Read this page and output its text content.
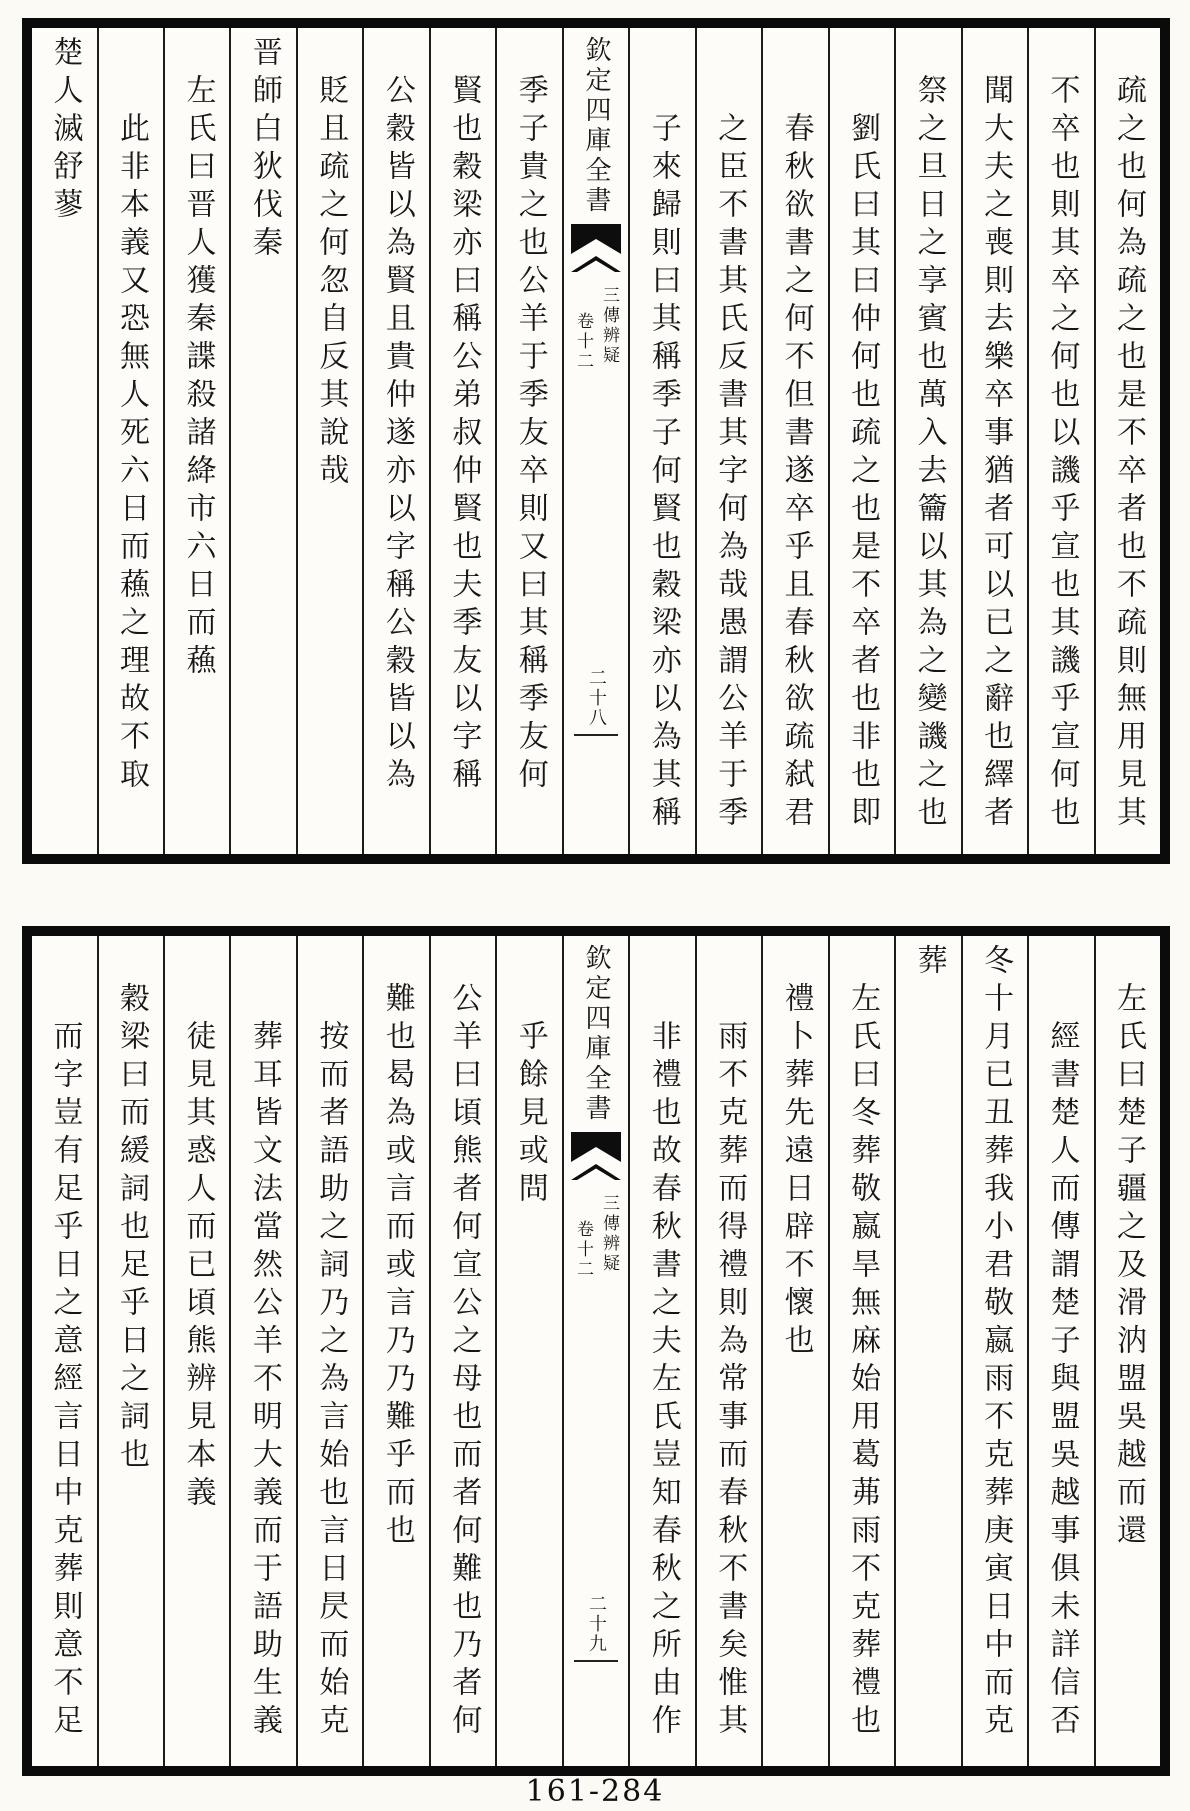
疏之也何為疏之也是不卒者也不疏則無用見其
不卒也則其卒之何也以譏乎宣也其譏乎宣何也
聞大夫之喪則去樂卒事猶者可以已之辭也繹者
祭之旦日之享賓也萬入去籥以其為之變譏之也
劉氏曰其曰仲何也疏之也是不卒者也非也即
春秋欲書之何不但書遂卒乎且春秋欲疏弑君
之臣不書其氏反書其字何為哉愚謂公羊于季
子來歸則曰其稱季子何賢也穀梁亦以為其稱
欽定四庫全書
三傳辨疑
卷十二
二十八
季子貴之也公羊于季友卒則又曰其稱季友何
賢也穀梁亦曰稱公弟叔仲賢也夫季友以字稱
公穀皆以為賢且貴仲遂亦以字稱公穀皆以為
貶且疏之何忽自反其說哉
晋師白狄伐秦
左氏曰晋人獲秦諜殺諸絳市六日而蘓
此非本義又恐無人死六日而蘓之理故不取
楚人滅舒蓼
左氏曰楚子疆之及滑汭盟吳越而還
經書楚人而傳謂楚子與盟吳越事俱未詳信否
冬十月已丑葬我小君敬嬴雨不克葬庚寅日中而克
葬
左氏曰冬葬敬嬴旱無麻始用葛茀雨不克葬禮也
禮卜葬先遠日辟不懷也
雨不克葬而得禮則為常事而春秋不書矣惟其
非禮也故春秋書之夫左氏豈知春秋之所由作
欽定四庫全書
三傳辨疑
卷十二
二十九
乎餘見或問
公羊曰頃熊者何宣公之母也而者何難也乃者何
難也曷為或言而或言乃乃難乎而也
按而者語助之詞乃之為言始也言日昃而始克
葬耳皆文法當然公羊不明大義而于語助生義
徒見其惑人而已頃熊辨見本義
穀梁曰而緩詞也足乎日之詞也
而字豈有足乎日之意經言日中克葬則意不足
161-284
